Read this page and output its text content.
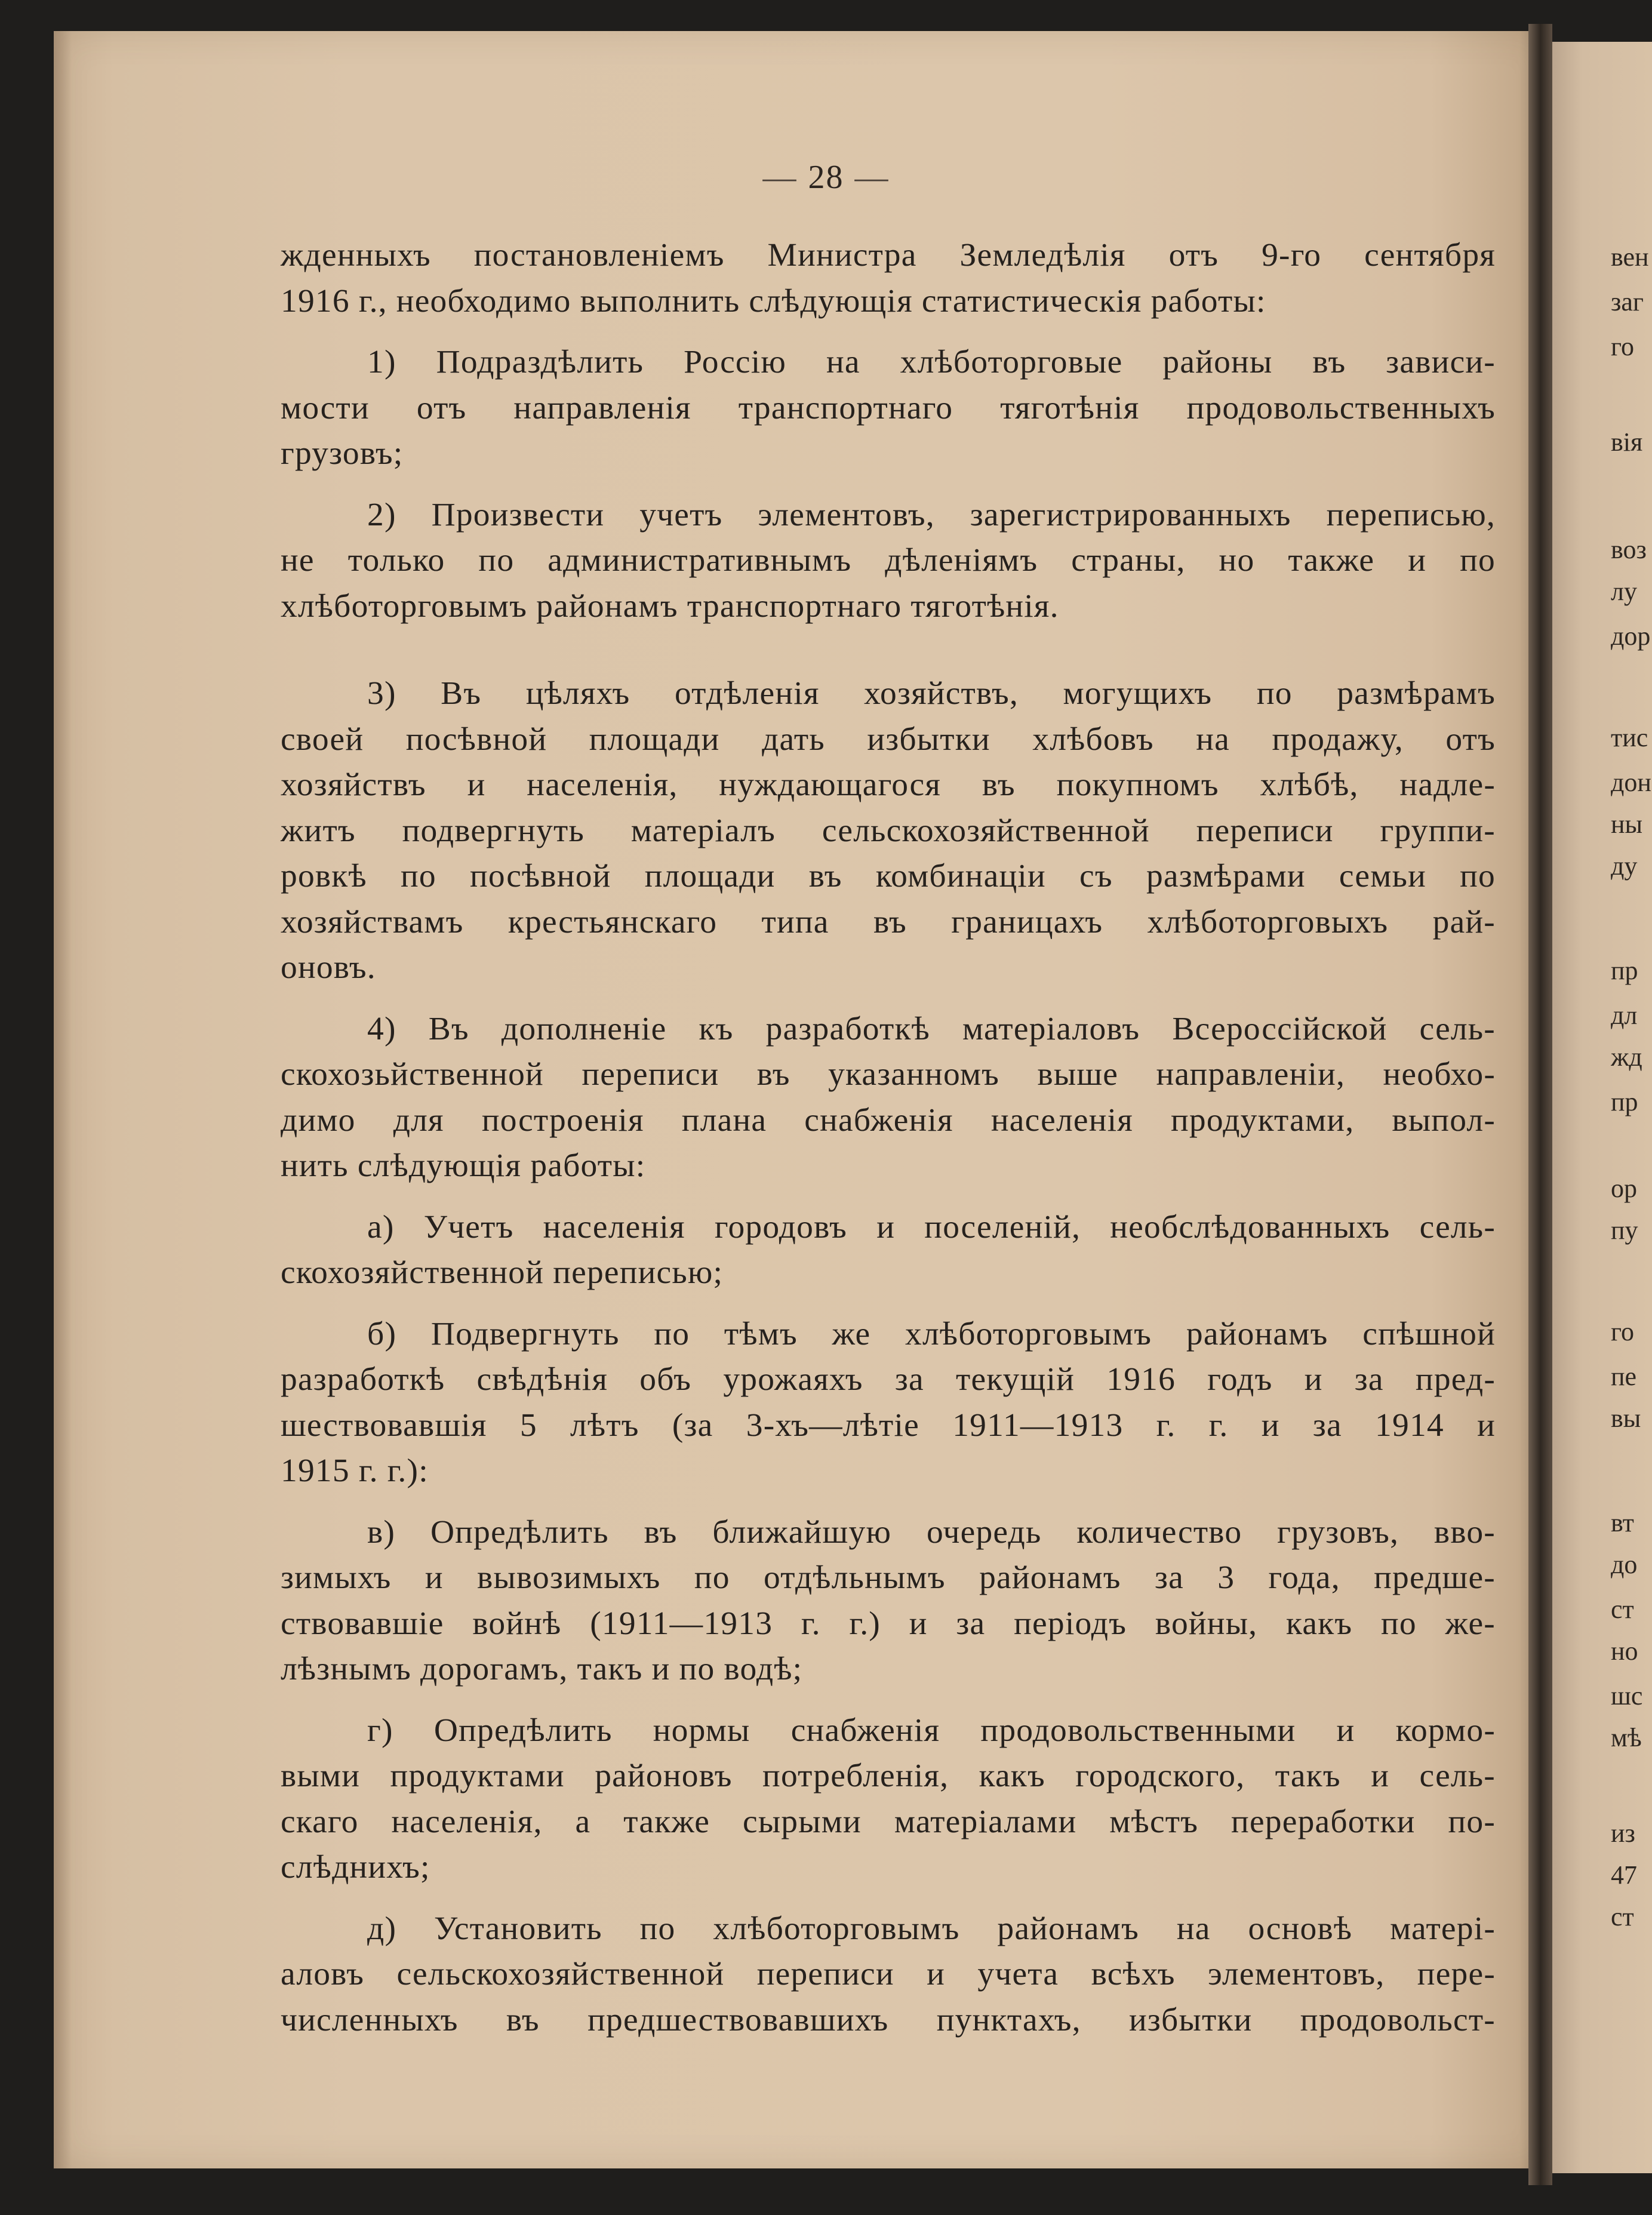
— 28 —
жденныхъ постановленіемъ Министра Земледѣлія отъ 9-го сентября
1916 г., необходимо выполнить слѣдующія статистическія работы:
1) Подраздѣлить Россію на хлѣботорговые районы въ зависи-
мости отъ направленія транспортнаго тяготѣнія продовольственныхъ
грузовъ;
2) Произвести учетъ элементовъ, зарегистрированныхъ переписью,
не только по административнымъ дѣленіямъ страны, но также и по
хлѣботорговымъ районамъ транспортнаго тяготѣнія.
3) Въ цѣляхъ отдѣленія хозяйствъ, могущихъ по размѣрамъ
своей посѣвной площади дать избытки хлѣбовъ на продажу, отъ
хозяйствъ и населенія, нуждающагося въ покупномъ хлѣбѣ, надле-
житъ подвергнуть матеріалъ сельскохозяйственной переписи группи-
ровкѣ по посѣвной площади въ комбинаціи съ размѣрами семьи по
хозяйствамъ крестьянскаго типа въ границахъ хлѣботорговыхъ рай-
оновъ.
4) Въ дополненіе къ разработкѣ матеріаловъ Всероссійской сель-
скохозьйственной переписи въ указанномъ выше направленіи, необхо-
димо для построенія плана снабженія населенія продуктами, выпол-
нить слѣдующія работы:
а) Учетъ населенія городовъ и поселеній, необслѣдованныхъ сель-
скохозяйственной переписью;
б) Подвергнуть по тѣмъ же хлѣботорговымъ районамъ спѣшной
разработкѣ свѣдѣнія объ урожаяхъ за текущій 1916 годъ и за пред-
шествовавшія 5 лѣтъ (за 3-хъ—лѣтіе 1911—1913 г. г. и за 1914 и
1915 г. г.):
в) Опредѣлить въ ближайшую очередь количество грузовъ, вво-
зимыхъ и вывозимыхъ по отдѣльнымъ районамъ за 3 года, предше-
ствовавшіе войнѣ (1911—1913 г. г.) и за періодъ войны, какъ по же-
лѣзнымъ дорогамъ, такъ и по водѣ;
г) Опредѣлить нормы снабженія продовольственными и кормо-
выми продуктами районовъ потребленія, какъ городского, такъ и сель-
скаго населенія, а также сырыми матеріалами мѣстъ переработки по-
слѣднихъ;
д) Установить по хлѣботорговымъ районамъ на основѣ матері-
аловъ сельскохозяйственной переписи и учета всѣхъ элементовъ, пере-
численныхъ въ предшествовавшихъ пунктахъ, избытки продовольст-
вен
заг
го
вія
воз
лу
дор
тис
дон
ны
ду
пр
дл
жд
пр
ор
пу
го
пе
вы
вт
до
ст
но
шс
мѣ
из
47
ст
